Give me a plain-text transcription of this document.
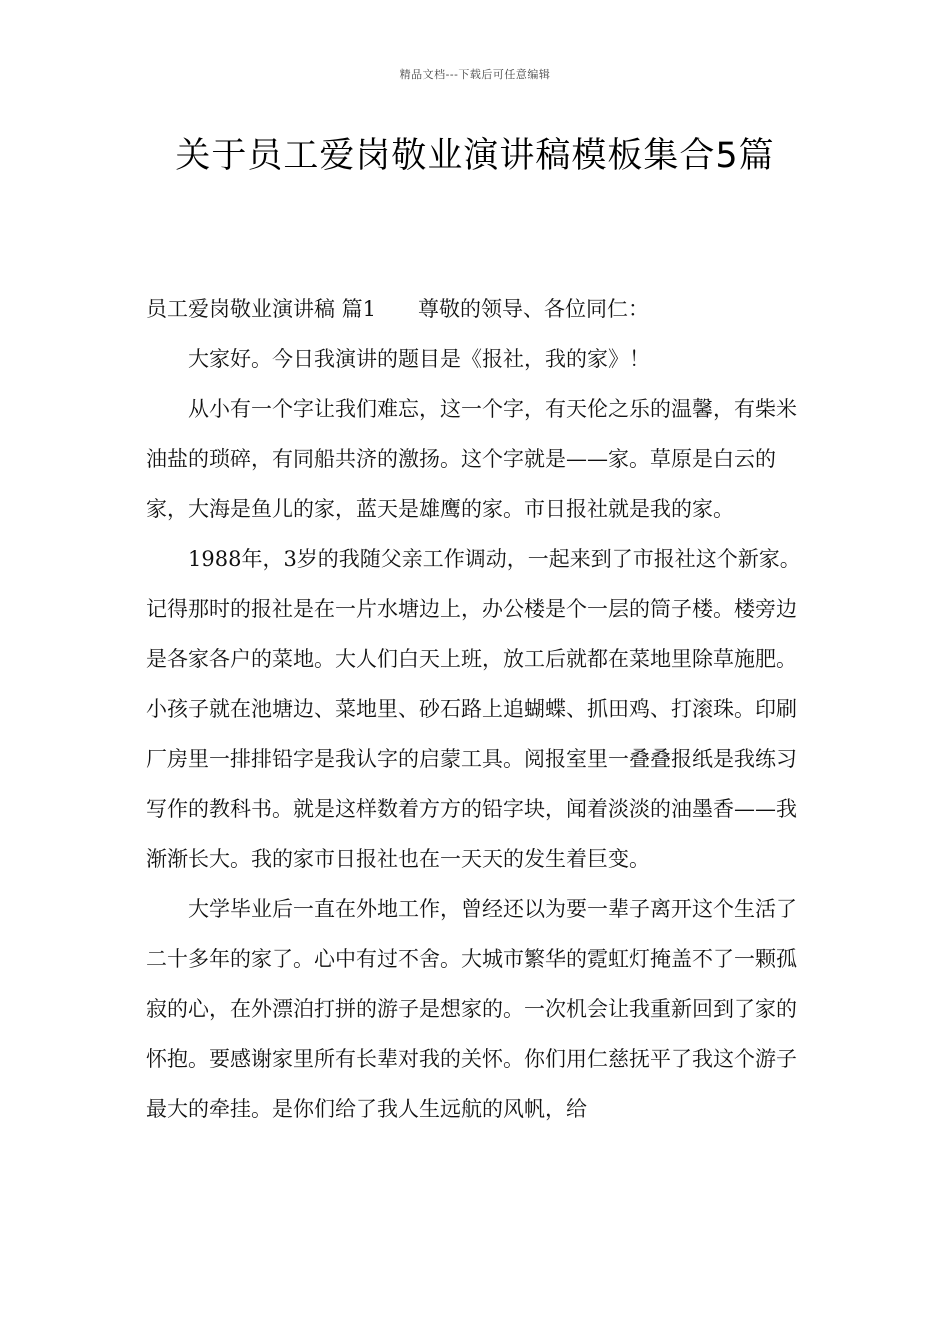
精品文档---下载后可任意编辑
关于员工爱岗敬业演讲稿模板集合5篇

员工爱岗敬业演讲稿 篇1 尊敬的领导、各位同仁：

大家好。今日我演讲的题目是《报社，我的家》！

从小有一个字让我们难忘，这一个字，有天伦之乐的温馨，有柴米油盐的琐碎，有同船共济的激扬。这个字就是——家。草原是白云的家，大海是鱼儿的家，蓝天是雄鹰的家。市日报社就是我的家。

1988年，3岁的我随父亲工作调动，一起来到了市报社这个新家。记得那时的报社是在一片水塘边上，办公楼是个一层的筒子楼。楼旁边是各家各户的菜地。大人们白天上班，放工后就都在菜地里除草施肥。小孩子就在池塘边、菜地里、砂石路上追蝴蝶、抓田鸡、打滚珠。印刷厂房里一排排铅字是我认字的启蒙工具。阅报室里一叠叠报纸是我练习写作的教科书。就是这样数着方方的铅字块，闻着淡淡的油墨香——我渐渐长大。我的家市日报社也在一天天的发生着巨变。

大学毕业后一直在外地工作，曾经还以为要一辈子离开这个生活了二十多年的家了。心中有过不舍。大城市繁华的霓虹灯掩盖不了一颗孤寂的心，在外漂泊打拼的游子是想家的。一次机会让我重新回到了家的怀抱。要感谢家里所有长辈对我的关怀。你们用仁慈抚平了我这个游子最大的牵挂。是你们给了我人生远航的风帆，给
